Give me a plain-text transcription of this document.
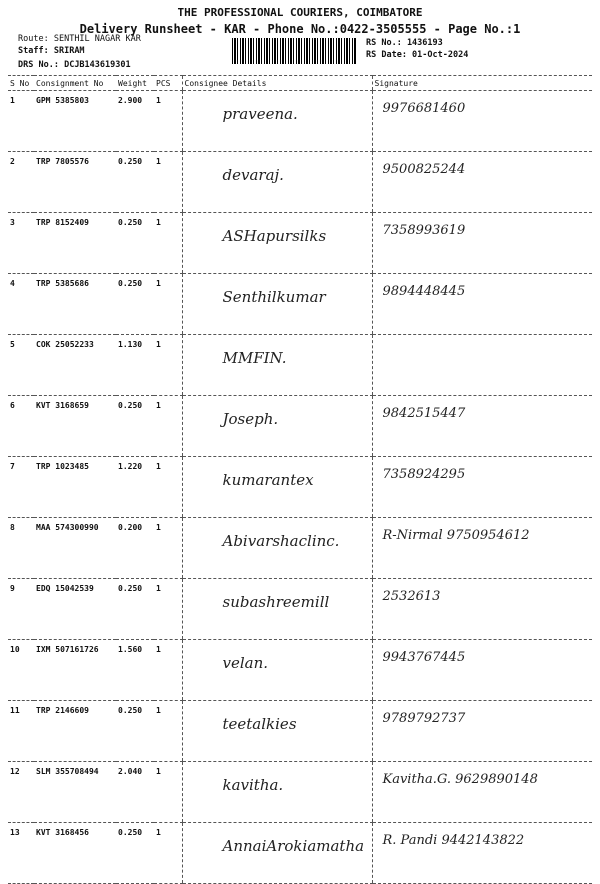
THE PROFESSIONAL COURIERS, COIMBATORE
Delivery Runsheet - KAR - Phone No.:0422-3505555 - Page No.:1
Route: SENTHIL NAGAR KAR
Staff: SRIRAM
DRS No.: DCJB143619301
RS No.: 1436193
RS Date: 01-Oct-2024
S No	Consignment No	Weight	PCS	Consignee Details	Signature
1	GPM 5385803	2.900	1	praveena.	9976681460
2	TRP 7805576	0.250	1	devaraj.	9500825244
3	TRP 8152409	0.250	1	ASHapursilks	7358993619
4	TRP 5385686	0.250	1	Senthilkumar	9894448445
5	COK 25052233	1.130	1	MMFIN.	
6	KVT 3168659	0.250	1	Joseph.	9842515447
7	TRP 1023485	1.220	1	kumarantex	7358924295
8	MAA 574300990	0.200	1	Abivarshaclinc.	R-Nirmal 9750954612
9	EDQ 15042539	0.250	1	subashreemill	2532613
10	IXM 507161726	1.560	1	velan.	9943767445
11	TRP 2146609	0.250	1	teetalkies	9789792737
12	SLM 355708494	2.040	1	kavitha.	Kavitha.G. 9629890148
13	KVT 3168456	0.250	1	AnnaiArokiamatha	R. Pandi 9442143822
